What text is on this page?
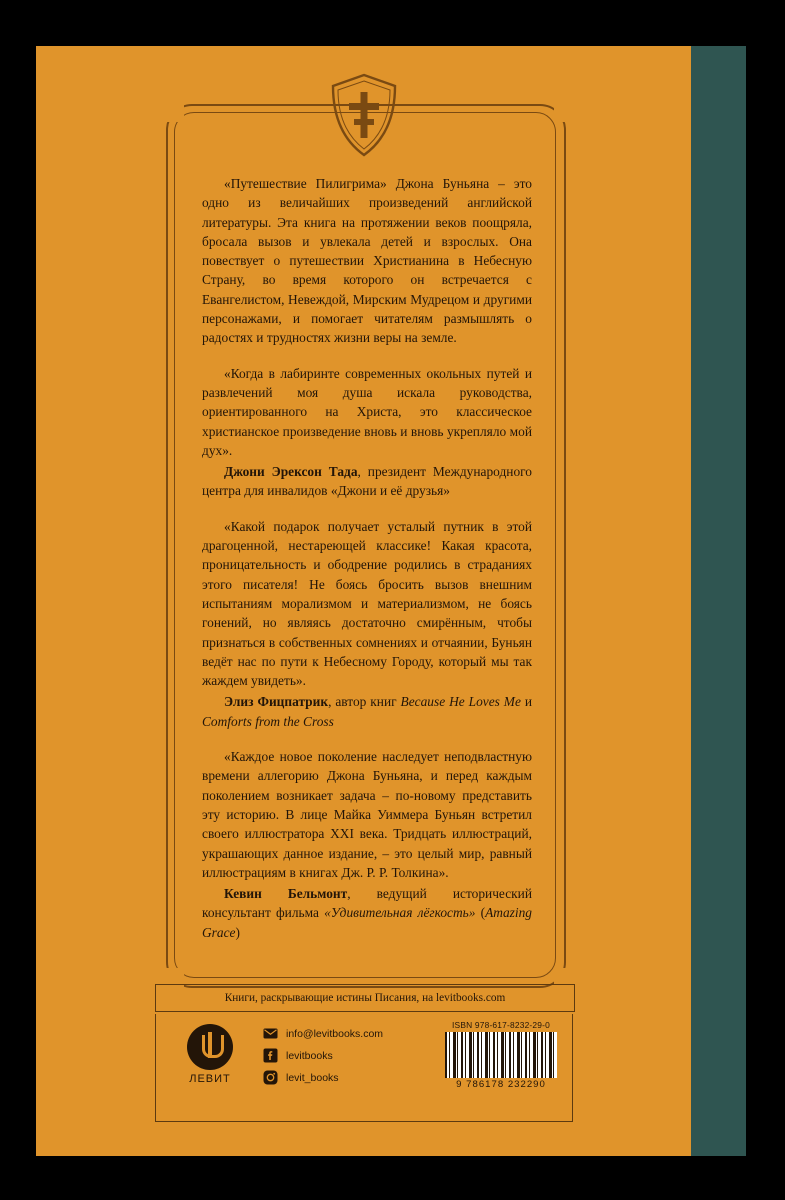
«Путешествие Пилигрима» Джона Буньяна – это одно из величайших произведений английской литературы. Эта книга на протяжении веков поощряла, бросала вызов и увлекала детей и взрослых. Она повествует о путешествии Христианина в Небесную Страну, во время которого он встречается с Евангелистом, Невеждой, Мирским Мудрецом и другими персонажами, и помогает читателям размышлять о радостях и трудностях жизни веры на земле.

«Когда в лабиринте современных окольных путей и развлечений моя душа искала руководства, ориентированного на Христа, это классическое христианское произведение вновь и вновь укрепляло мой дух».

Джони Эрексон Тада, президент Международного центра для инвалидов «Джони и её друзья»

«Какой подарок получает усталый путник в этой драгоценной, нестареющей классике! Какая красота, проницательность и ободрение родились в страданиях этого писателя! Не боясь бросить вызов внешним испытаниям морализмом и материализмом, не боясь гонений, но являясь достаточно смирённым, чтобы признаться в собственных сомнениях и отчаянии, Буньян ведёт нас по пути к Небесному Городу, который мы так жаждем увидеть».

Элиз Фицпатрик, автор книг Because He Loves Me и Comforts from the Cross

«Каждое новое поколение наследует неподвластную времени аллегорию Джона Буньяна, и перед каждым поколением возникает задача – по-новому представить эту историю. В лице Майка Уиммера Буньян встретил своего иллюстратора XXI века. Тридцать иллюстраций, украшающих данное издание, – это целый мир, равный иллюстрациям в книгах Дж. Р. Р. Толкина».

Кевин Бельмонт, ведущий исторический консультант фильма «Удивительная лёгкость» (Amazing Grace)

Книги, раскрывающие истины Писания, на levitbooks.com
ЛЕВИТ
info@levitbooks.com
levitbooks
levit_books
ISBN 978-617-8232-29-0
9 786178 232290
